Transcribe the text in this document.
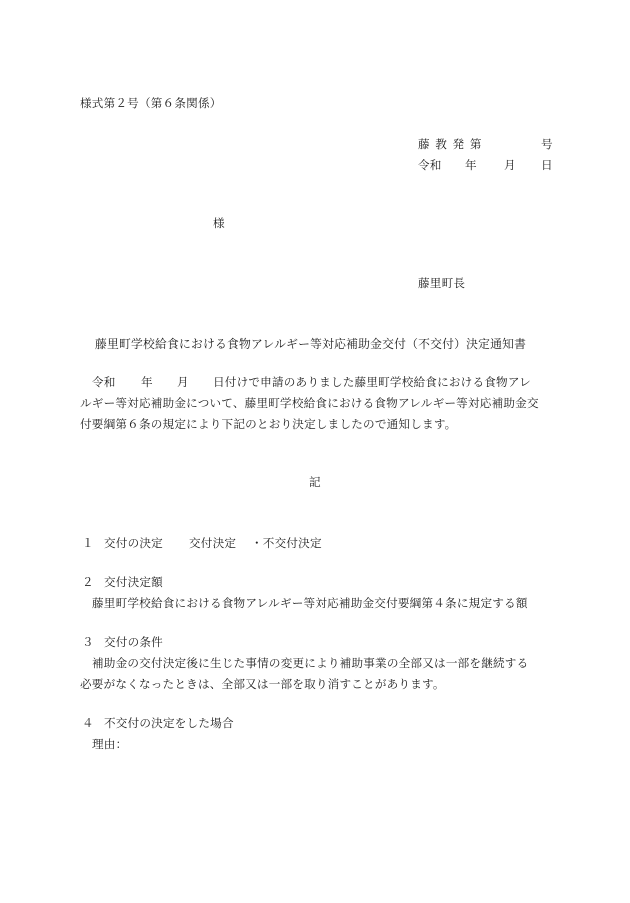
様式第２号（第６条関係）
藤 教 発 第	号
令和 年 月 日
様
藤里町長
藤里町学校給食における食物アレルギー等対応補助金交付（不交付）決定通知書
令和 年 月 日付けで申請のありました藤里町学校給食における食物アレ
ルギー等対応補助金について、藤里町学校給食における食物アレルギー等対応補助金交
付要綱第６条の規定により下記のとおり決定しましたので通知します。
記
１ 交付の決定 交付決定 ・不交付決定
２ 交付決定額
藤里町学校給食における食物アレルギー等対応補助金交付要綱第４条に規定する額
３ 交付の条件
補助金の交付決定後に生じた事情の変更により補助事業の全部又は一部を継続する
必要がなくなったときは、全部又は一部を取り消すことがあります。
４ 不交付の決定をした場合
理由：
